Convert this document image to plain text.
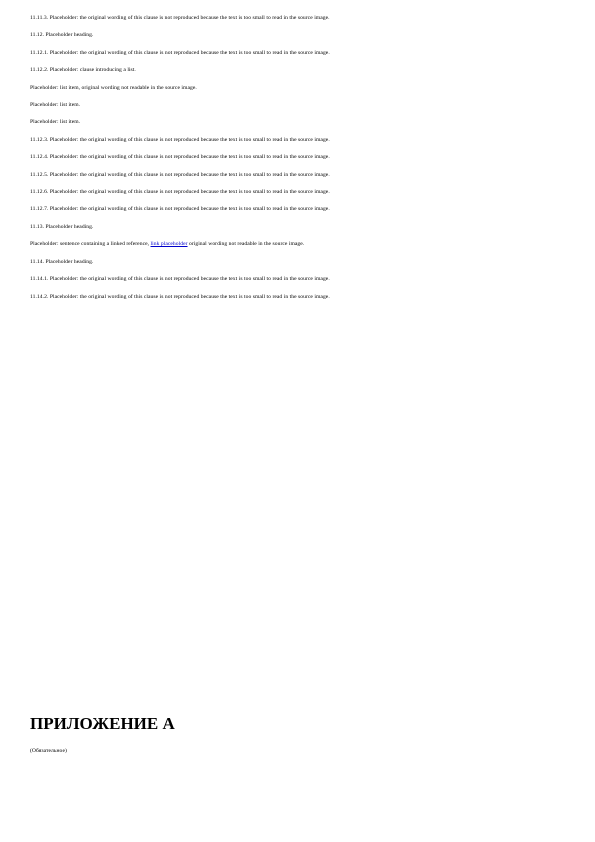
11.11.3. Placeholder: the original wording of this clause is not reproduced because the text is too small to read in the source image.

11.12. Placeholder heading.

11.12.1. Placeholder: the original wording of this clause is not reproduced because the text is too small to read in the source image.

11.12.2. Placeholder: clause introducing a list.

Placeholder: list item, original wording not readable in the source image.

Placeholder: list item.

Placeholder: list item.

11.12.3. Placeholder: the original wording of this clause is not reproduced because the text is too small to read in the source image.

11.12.4. Placeholder: the original wording of this clause is not reproduced because the text is too small to read in the source image.

11.12.5. Placeholder: the original wording of this clause is not reproduced because the text is too small to read in the source image.

11.12.6. Placeholder: the original wording of this clause is not reproduced because the text is too small to read in the source image.

11.12.7. Placeholder: the original wording of this clause is not reproduced because the text is too small to read in the source image.

11.13. Placeholder heading.

Placeholder: sentence containing a linked reference, link placeholder original wording not readable in the source image.

11.14. Placeholder heading.

11.14.1. Placeholder: the original wording of this clause is not reproduced because the text is too small to read in the source image.

11.14.2. Placeholder: the original wording of this clause is not reproduced because the text is too small to read in the source image.

ПРИЛОЖЕНИЕ А

(Обязательное)
